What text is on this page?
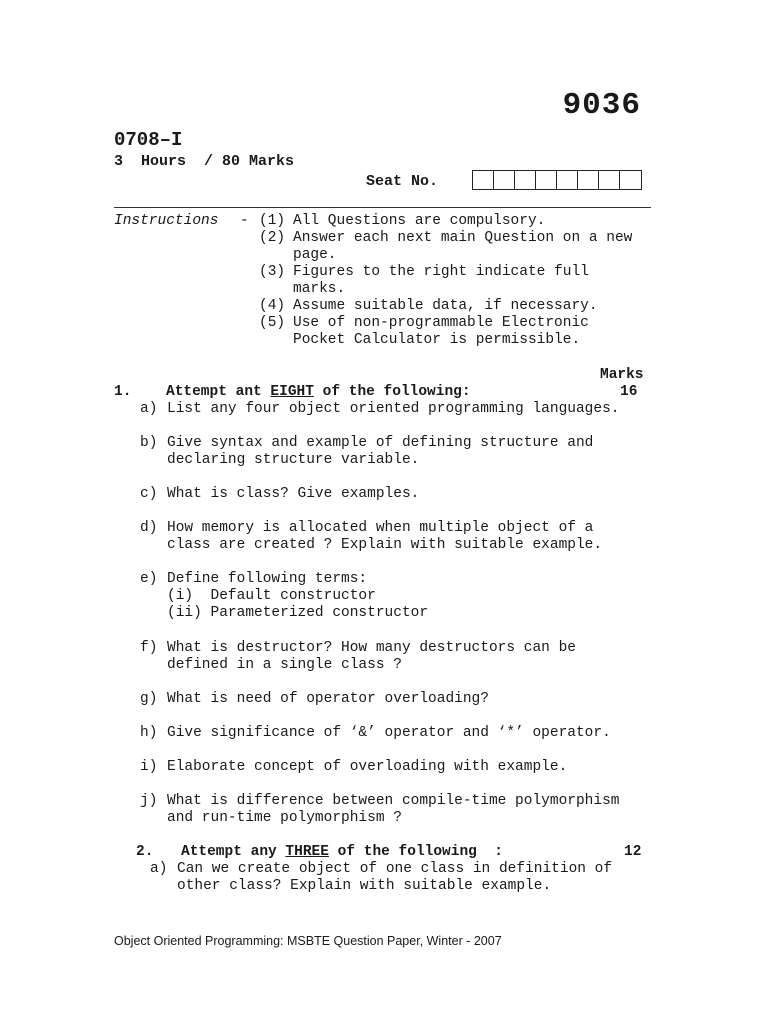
9036
0708–I
3  Hours  / 80 Marks
Seat No.
Instructions - (1) All Questions are compulsory.
(2) Answer each next main Question on a new
page.
(3) Figures to the right indicate full
marks.
(4) Assume suitable data, if necessary.
(5) Use of non-programmable Electronic
Pocket Calculator is permissible.
Marks
1. Attempt ant EIGHT of the following:	16
a) List any four object oriented programming languages.
b) Give syntax and example of defining structure and
declaring structure variable.
c) What is class? Give examples.
d) How memory is allocated when multiple object of a
class are created ? Explain with suitable example.
e) Define following terms:
(i)  Default constructor
(ii) Parameterized constructor
f) What is destructor? How many destructors can be
defined in a single class ?
g) What is need of operator overloading?
h) Give significance of ‘&’ operator and ‘*’ operator.
i) Elaborate concept of overloading with example.
j) What is difference between compile-time polymorphism
and run-time polymorphism ?
2. Attempt any THREE of the following  :	12
a) Can we create object of one class in definition of
other class? Explain with suitable example.
Object Oriented Programming: MSBTE Question Paper, Winter - 2007
